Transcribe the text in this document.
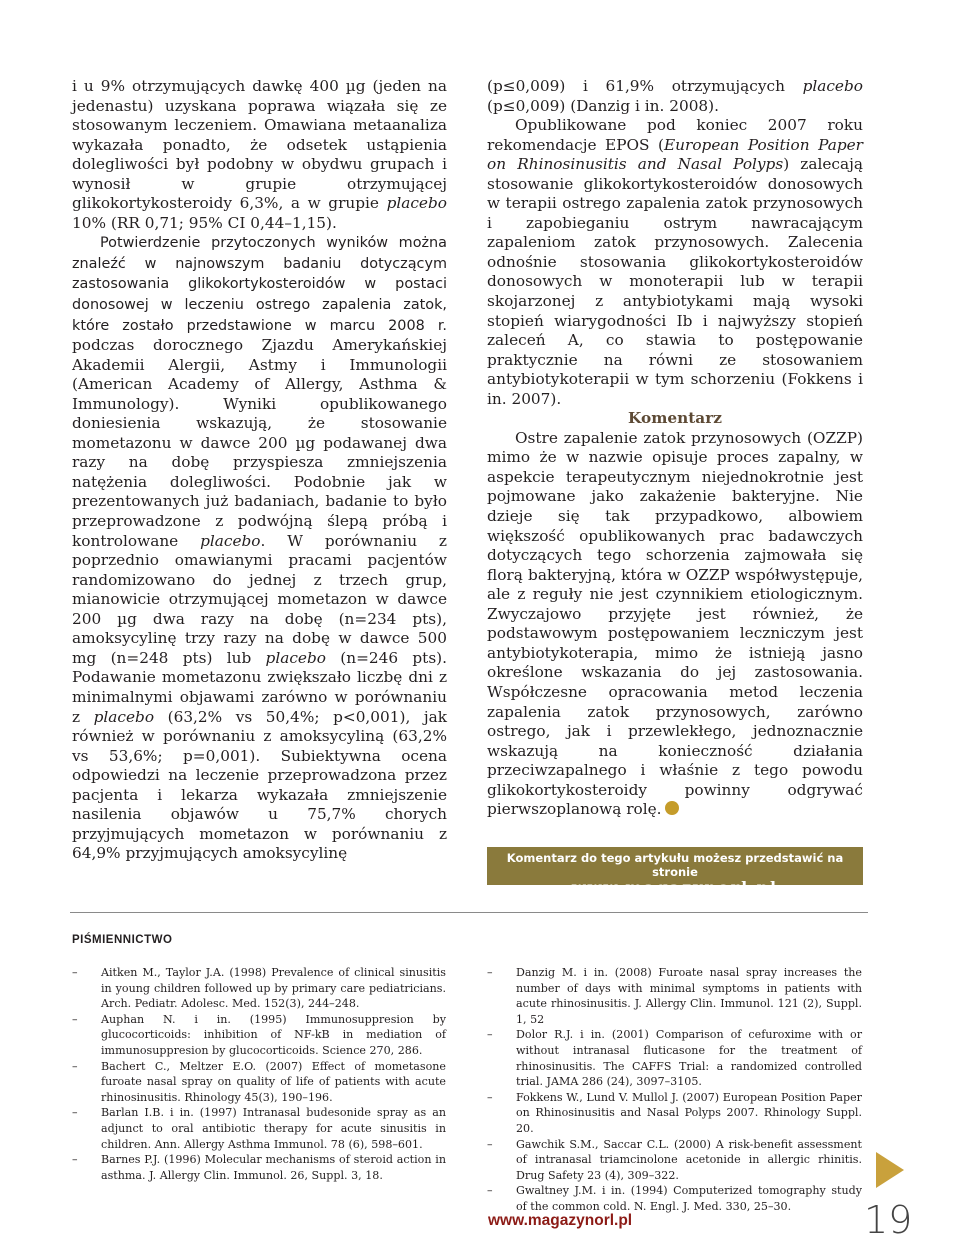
i u 9% otrzymujących dawkę 400 µg (jeden na jedenastu) uzyskana poprawa wiązała się ze stosowanym leczeniem. Omawiana metaanaliza wykazała ponadto, że odsetek ustąpienia dolegliwości był podobny w obydwu grupach i wynosił w grupie otrzymującej glikokortykosteroidy 6,3%, a w grupie placebo 10% (RR 0,71; 95% CI 0,44–1,15).

Potwierdzenie przytoczonych wyników można znaleźć w najnowszym badaniu dotyczącym zastosowania glikokortykosteroidów w postaci donosowej w leczeniu ostrego zapalenia zatok, które zostało przedstawione w marcu 2008 r. podczas dorocznego Zjazdu Amerykańskiej Akademii Alergii, Astmy i Immunologii (American Academy of Allergy, Asthma & Immunology). Wyniki opublikowanego doniesienia wskazują, że stosowanie mometazonu w dawce 200 µg podawanej dwa razy na dobę przyspiesza zmniejszenia natężenia dolegliwości. Podobnie jak w prezentowanych już badaniach, badanie to było przeprowadzone z podwójną ślepą próbą i kontrolowane placebo. W porównaniu z poprzednio omawianymi pracami pacjentów randomizowano do jednej z trzech grup, mianowicie otrzymującej mometazon w dawce 200 µg dwa razy na dobę (n=234 pts), amoksycylinę trzy razy na dobę w dawce 500 mg (n=248 pts) lub placebo (n=246 pts). Podawanie mometazonu zwiększało liczbę dni z minimalnymi objawami zarówno w porównaniu z placebo (63,2% vs 50,4%; p<0,001), jak również w porównaniu z amoksycyliną (63,2% vs 53,6%; p=0,001). Subiektywna ocena odpowiedzi na leczenie przeprowadzona przez pacjenta i lekarza wykazała zmniejszenie nasilenia objawów u 75,7% chorych przyjmujących mometazon w porównaniu z 64,9% przyjmujących amoksycylinę

(p≤0,009) i 61,9% otrzymujących placebo (p≤0,009) (Danzig i in. 2008).

Opublikowane pod koniec 2007 roku rekomendacje EPOS (European Position Paper on Rhinosinusitis and Nasal Polyps) zalecają stosowanie glikokortykosteroidów donosowych w terapii ostrego zapalenia zatok przynosowych i zapobieganiu ostrym nawracającym zapaleniom zatok przynosowych. Zalecenia odnośnie stosowania glikokortykosteroidów donosowych w monoterapii lub w terapii skojarzonej z antybiotykami mają wysoki stopień wiarygodności Ib i najwyższy stopień zaleceń A, co stawia to postępowanie praktycznie na równi ze stosowaniem antybiotykoterapii w tym schorzeniu (Fokkens i in. 2007).

Komentarz

Ostre zapalenie zatok przynosowych (OZZP) mimo że w nazwie opisuje proces zapalny, w aspekcie terapeutycznym niejednokrotnie jest pojmowane jako zakażenie bakteryjne. Nie dzieje się tak przypadkowo, albowiem większość opublikowanych prac badawczych dotyczących tego schorzenia zajmowała się florą bakteryjną, która w OZZP współwystępuje, ale z reguły nie jest czynnikiem etiologicznym. Zwyczajowo przyjęte jest również, że podstawowym postępowaniem leczniczym jest antybiotykoterapia, mimo że istnieją jasno określone wskazania do jej zastosowania. Współczesne opracowania metod leczenia zapalenia zatok przynosowych, zarówno ostrego, jak i przewlekłego, jednoznacznie wskazują na konieczność działania przeciwzapalnego i właśnie z tego powodu glikokortykosteroidy powinny odgrywać pierwszoplanową rolę.

Komentarz do tego artykułu możesz przedstawić na stronie
www.magazynorl.pl
PIŚMIENNICTWO
– Aitken M., Taylor J.A. (1998) Prevalence of clinical sinusitis in young children followed up by primary care pediatricians. Arch. Pediatr. Adolesc. Med. 152(3), 244–248.
– Auphan N. i in. (1995) Immunosuppresion by glucocorticoids: inhibition of NF-kB in mediation of immunosuppresion by glucocorticoids. Science 270, 286.
– Bachert C., Meltzer E.O. (2007) Effect of mometasone furoate nasal spray on quality of life of patients with acute rhinosinusitis. Rhinology 45(3), 190–196.
– Barlan I.B. i in. (1997) Intranasal budesonide spray as an adjunct to oral antibiotic therapy for acute sinusitis in children. Ann. Allergy Asthma Immunol. 78 (6), 598–601.
– Barnes P.J. (1996) Molecular mechanisms of steroid action in asthma. J. Allergy Clin. Immunol. 26, Suppl. 3, 18.
– Danzig M. i in. (2008) Furoate nasal spray increases the number of days with minimal symptoms in patients with acute rhinosinusitis. J. Allergy Clin. Immunol. 121 (2), Suppl. 1, 52
– Dolor R.J. i in. (2001) Comparison of cefuroxime with or without intranasal fluticasone for the treatment of rhinosinusitis. The CAFFS Trial: a randomized controlled trial. JAMA 286 (24), 3097–3105.
– Fokkens W., Lund V. Mullol J. (2007) European Position Paper on Rhinosinusitis and Nasal Polyps 2007. Rhinology Suppl. 20.
– Gawchik S.M., Saccar C.L. (2000) A risk-benefit assessment of intranasal triamcinolone acetonide in allergic rhinitis. Drug Safety 23 (4), 309–322.
– Gwaltney J.M. i in. (1994) Computerized tomography study of the common cold. N. Engl. J. Med. 330, 25–30.
www.magazynorl.pl	19
